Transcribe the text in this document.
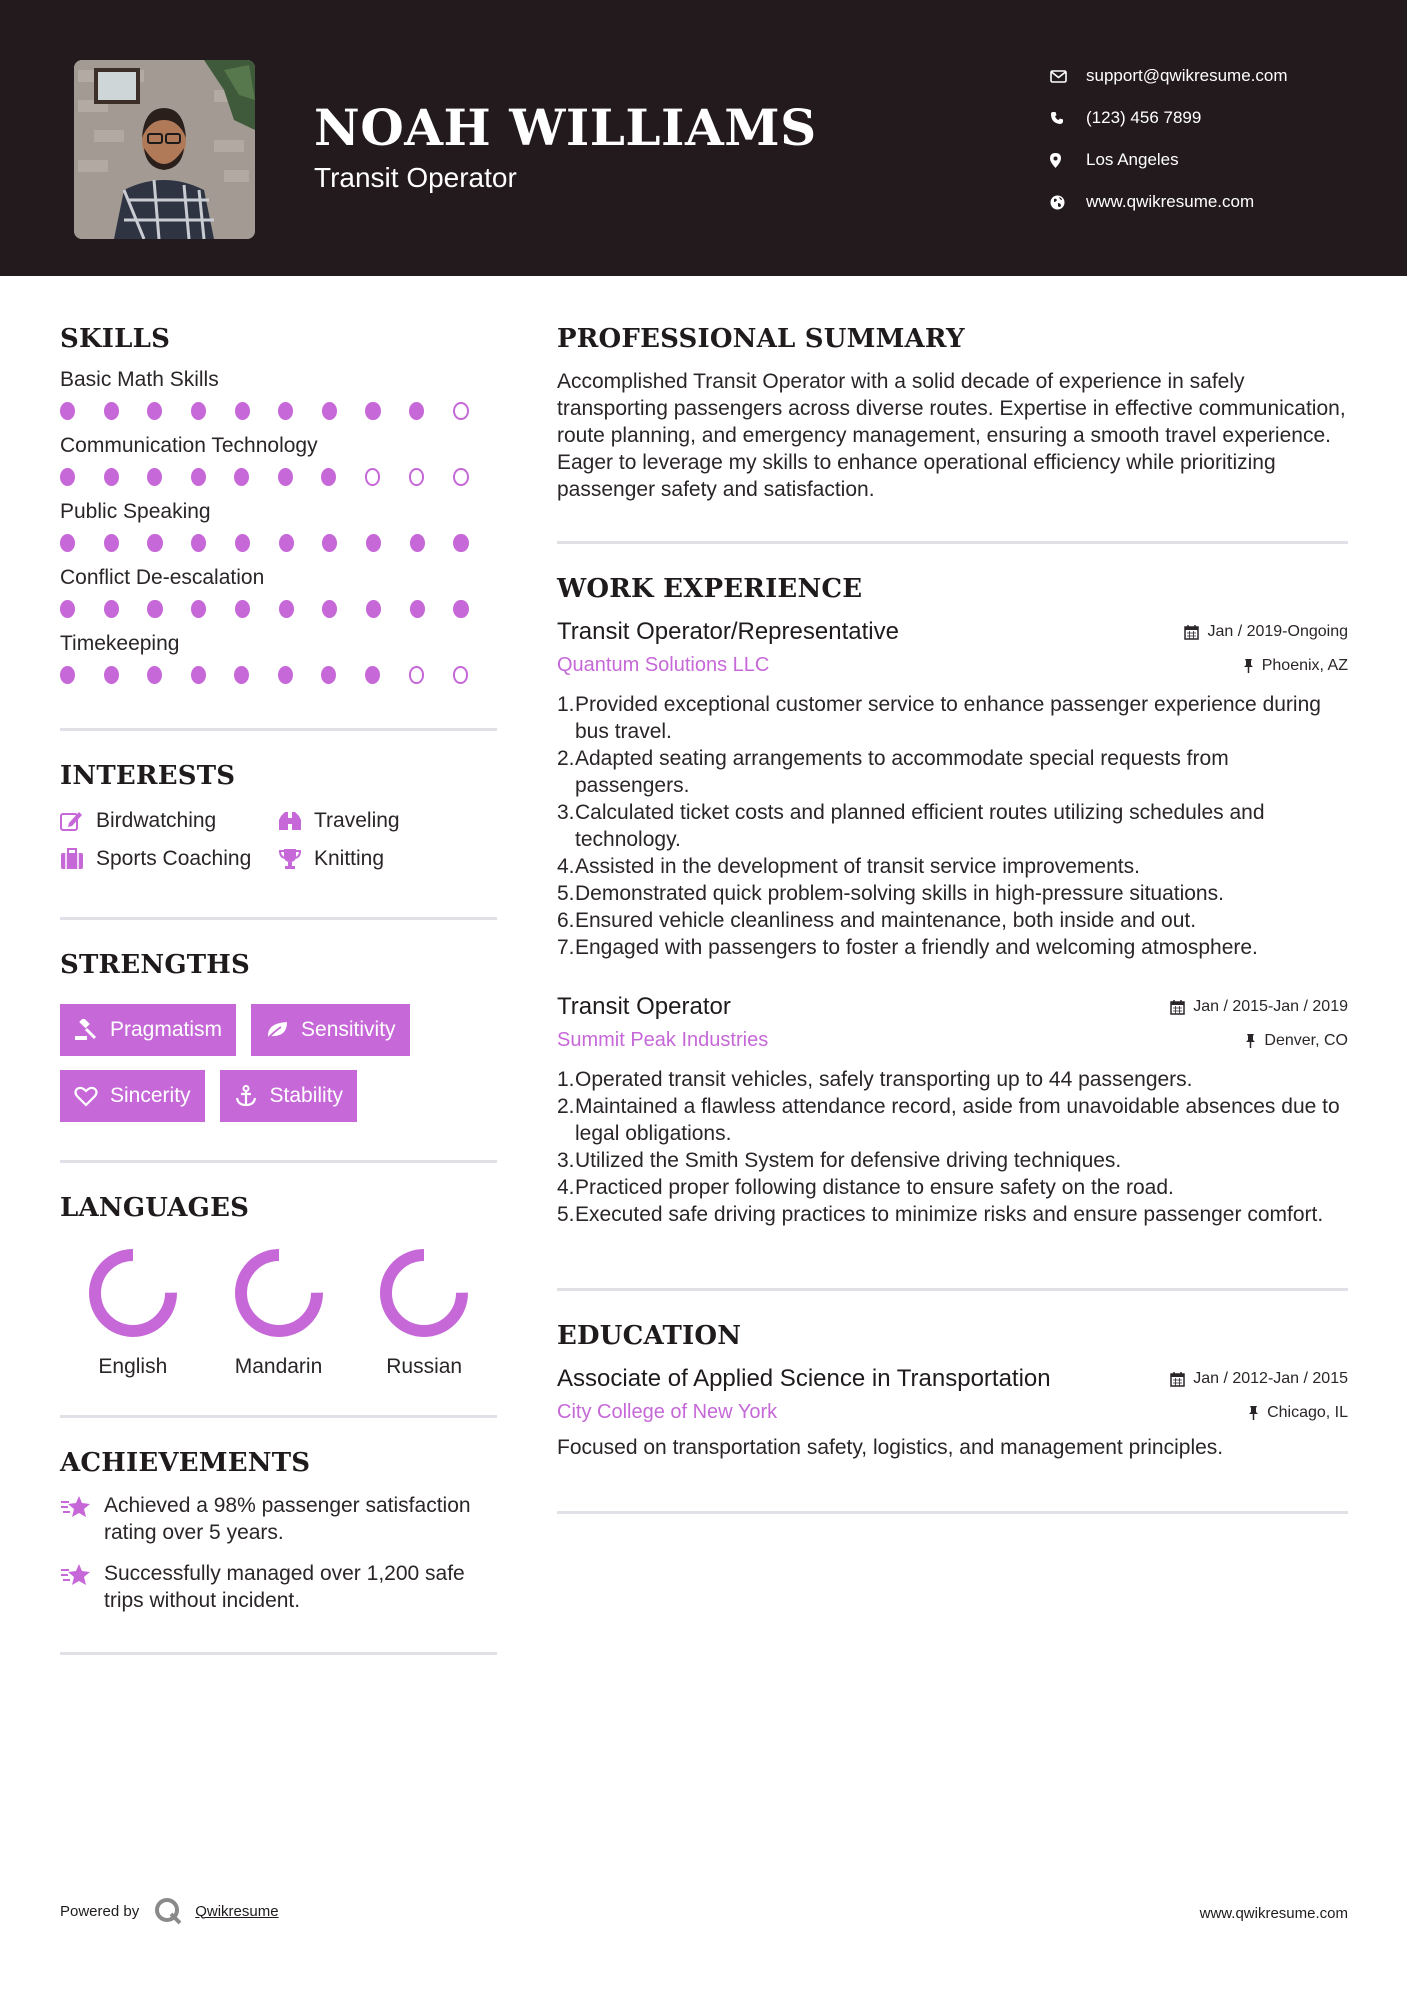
NOAH WILLIAMS
Transit Operator
support@qwikresume.com
(123) 456 7899
Los Angeles
www.qwikresume.com
SKILLS
Basic Math Skills
Communication Technology
Public Speaking
Conflict De-escalation
Timekeeping
INTERESTS
Birdwatching	Traveling
Sports Coaching	Knitting
STRENGTHS
Pragmatism	Sensitivity
Sincerity	Stability
LANGUAGES
English	Mandarin	Russian
ACHIEVEMENTS
Achieved a 98% passenger satisfaction rating over 5 years.
Successfully managed over 1,200 safe trips without incident.
PROFESSIONAL SUMMARY
Accomplished Transit Operator with a solid decade of experience in safely transporting passengers across diverse routes. Expertise in effective communication, route planning, and emergency management, ensuring a smooth travel experience. Eager to leverage my skills to enhance operational efficiency while prioritizing passenger safety and satisfaction.
WORK EXPERIENCE
Transit Operator/Representative	Jan / 2019-Ongoing
Quantum Solutions LLC	Phoenix, AZ
1. Provided exceptional customer service to enhance passenger experience during bus travel.
2. Adapted seating arrangements to accommodate special requests from passengers.
3. Calculated ticket costs and planned efficient routes utilizing schedules and technology.
4. Assisted in the development of transit service improvements.
5. Demonstrated quick problem-solving skills in high-pressure situations.
6. Ensured vehicle cleanliness and maintenance, both inside and out.
7. Engaged with passengers to foster a friendly and welcoming atmosphere.
Transit Operator	Jan / 2015-Jan / 2019
Summit Peak Industries	Denver, CO
1. Operated transit vehicles, safely transporting up to 44 passengers.
2. Maintained a flawless attendance record, aside from unavoidable absences due to legal obligations.
3. Utilized the Smith System for defensive driving techniques.
4. Practiced proper following distance to ensure safety on the road.
5. Executed safe driving practices to minimize risks and ensure passenger comfort.
EDUCATION
Associate of Applied Science in Transportation	Jan / 2012-Jan / 2015
City College of New York	Chicago, IL
Focused on transportation safety, logistics, and management principles.
Powered by	Qwikresume	www.qwikresume.com
